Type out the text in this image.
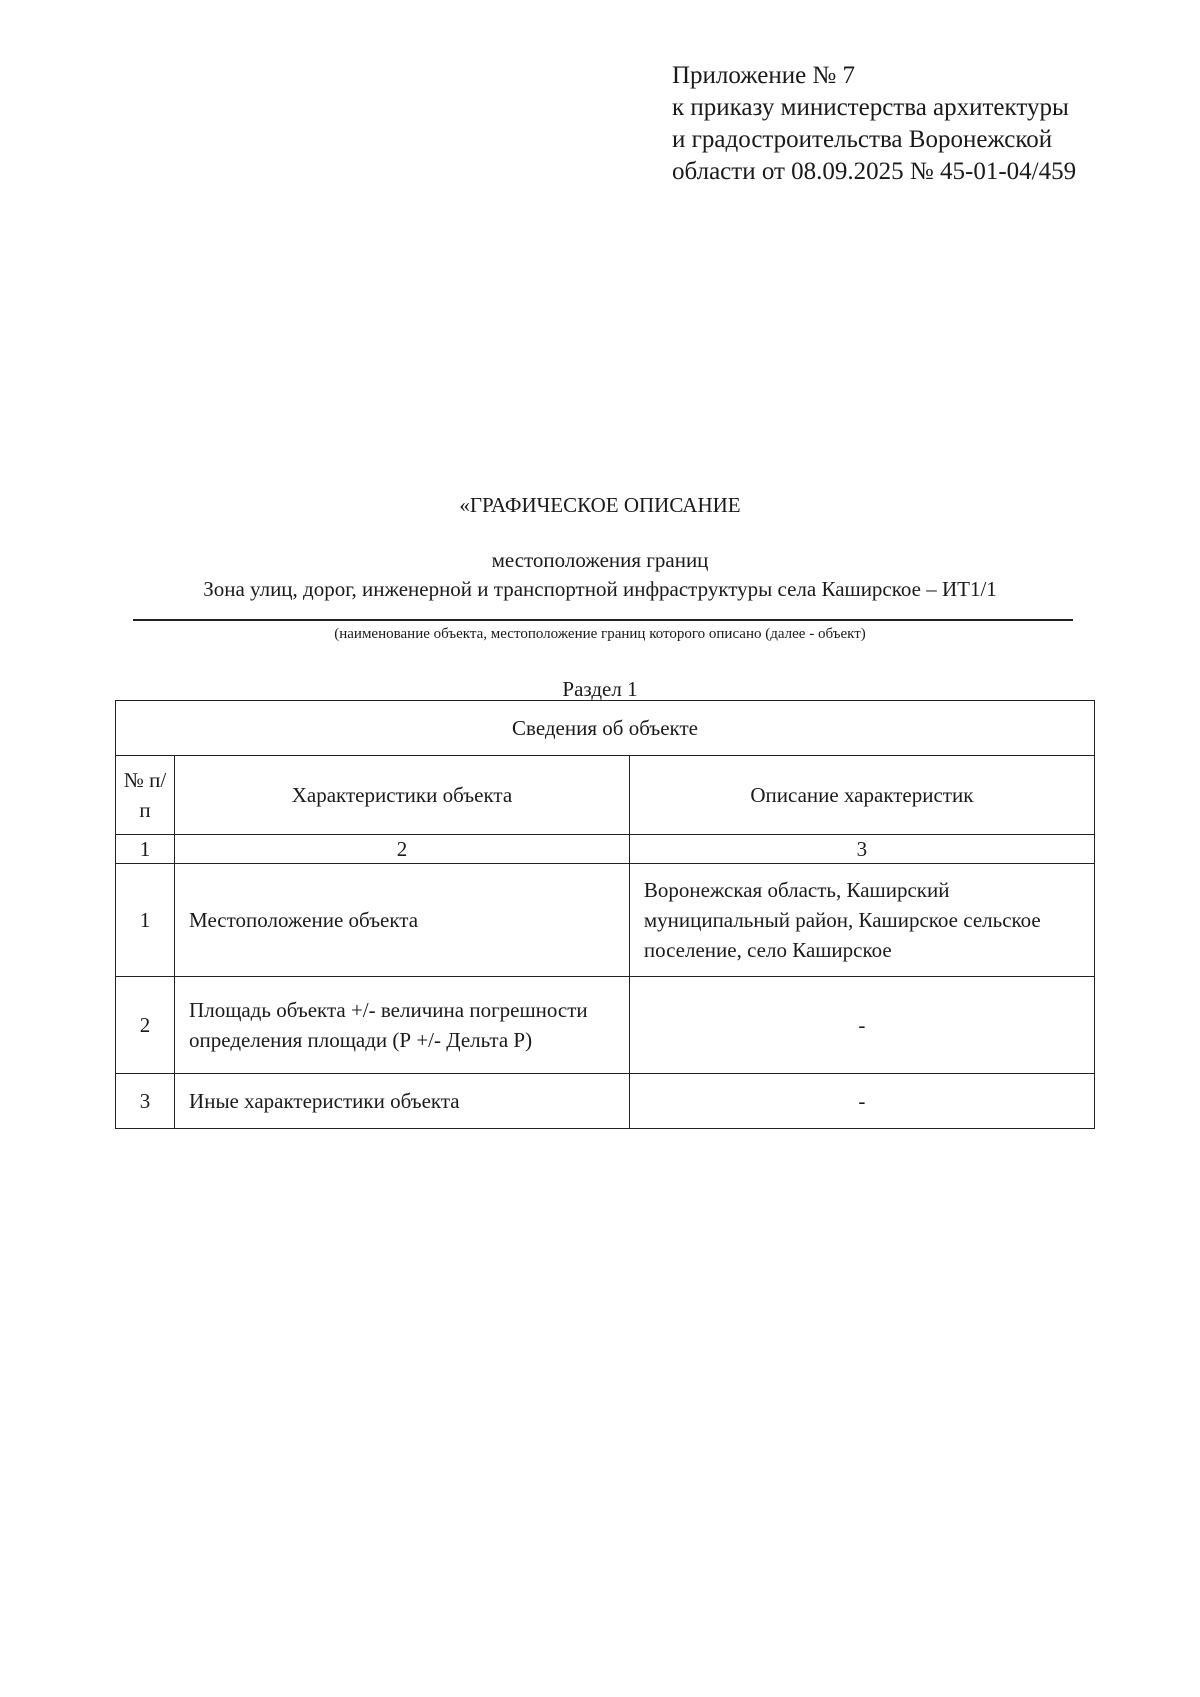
Приложение № 7
к приказу министерства архитектуры
и градостроительства Воронежской
области от 08.09.2025 № 45-01-04/459
«ГРАФИЧЕСКОЕ ОПИСАНИЕ
местоположения границ
Зона улиц, дорог, инженерной и транспортной инфраструктуры села Каширское – ИТ1/1
(наименование объекта, местоположение границ которого описано (далее - объект)
Раздел 1
Сведения об объекте		
№ п/п	Характеристики объекта	Описание характеристик
1	2	3
1	Местоположение объекта	Воронежская область, Каширский муниципальный район, Каширское сельское поселение, село Каширское
2	Площадь объекта +/- величина погрешности определения площади (Р +/- Дельта Р)	-
3	Иные характеристики объекта	-
